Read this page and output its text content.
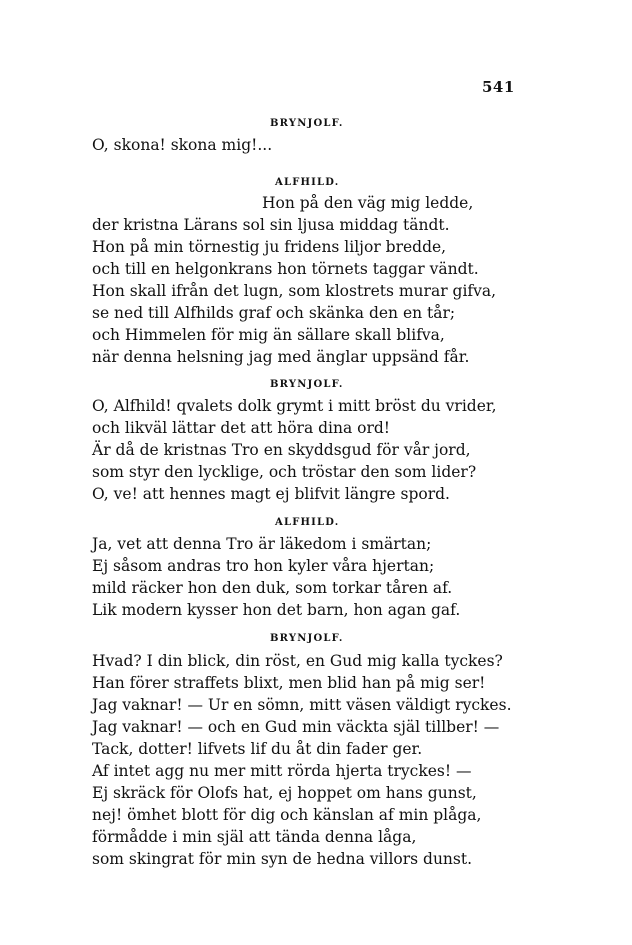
541
BRYNJOLF.
O, skona! skona mig!...
ALFHILD.
Hon på den väg mig ledde,
der kristna Lärans sol sin ljusa middag tändt.
Hon på min törnestig ju fridens liljor bredde,
och till en helgonkrans hon törnets taggar vändt.
Hon skall ifrån det lugn, som klostrets murar gifva,
se ned till Alfhilds graf och skänka den en tår;
och Himmelen för mig än sällare skall blifva,
när denna helsning jag med änglar uppsänd får.
BRYNJOLF.
O, Alfhild! qvalets dolk grymt i mitt bröst du vrider,
och likväl lättar det att höra dina ord!
Är då de kristnas Tro en skyddsgud för vår jord,
som styr den lycklige, och tröstar den som lider?
O, ve! att hennes magt ej blifvit längre spord.
ALFHILD.
Ja, vet att denna Tro är läkedom i smärtan;
Ej såsom andras tro hon kyler våra hjertan;
mild räcker hon den duk, som torkar tåren af.
Lik modern kysser hon det barn, hon agan gaf.
BRYNJOLF.
Hvad? I din blick, din röst, en Gud mig kalla tyckes?
Han förer straffets blixt, men blid han på mig ser!
Jag vaknar! — Ur en sömn, mitt väsen väldigt ryckes.
Jag vaknar! — och en Gud min väckta själ tillber! —
Tack, dotter! lifvets lif du åt din fader ger.
Af intet agg nu mer mitt rörda hjerta tryckes! —
Ej skräck för Olofs hat, ej hoppet om hans gunst,
nej! ömhet blott för dig och känslan af min plåga,
förmådde i min själ att tända denna låga,
som skingrat för min syn de hedna villors dunst.
